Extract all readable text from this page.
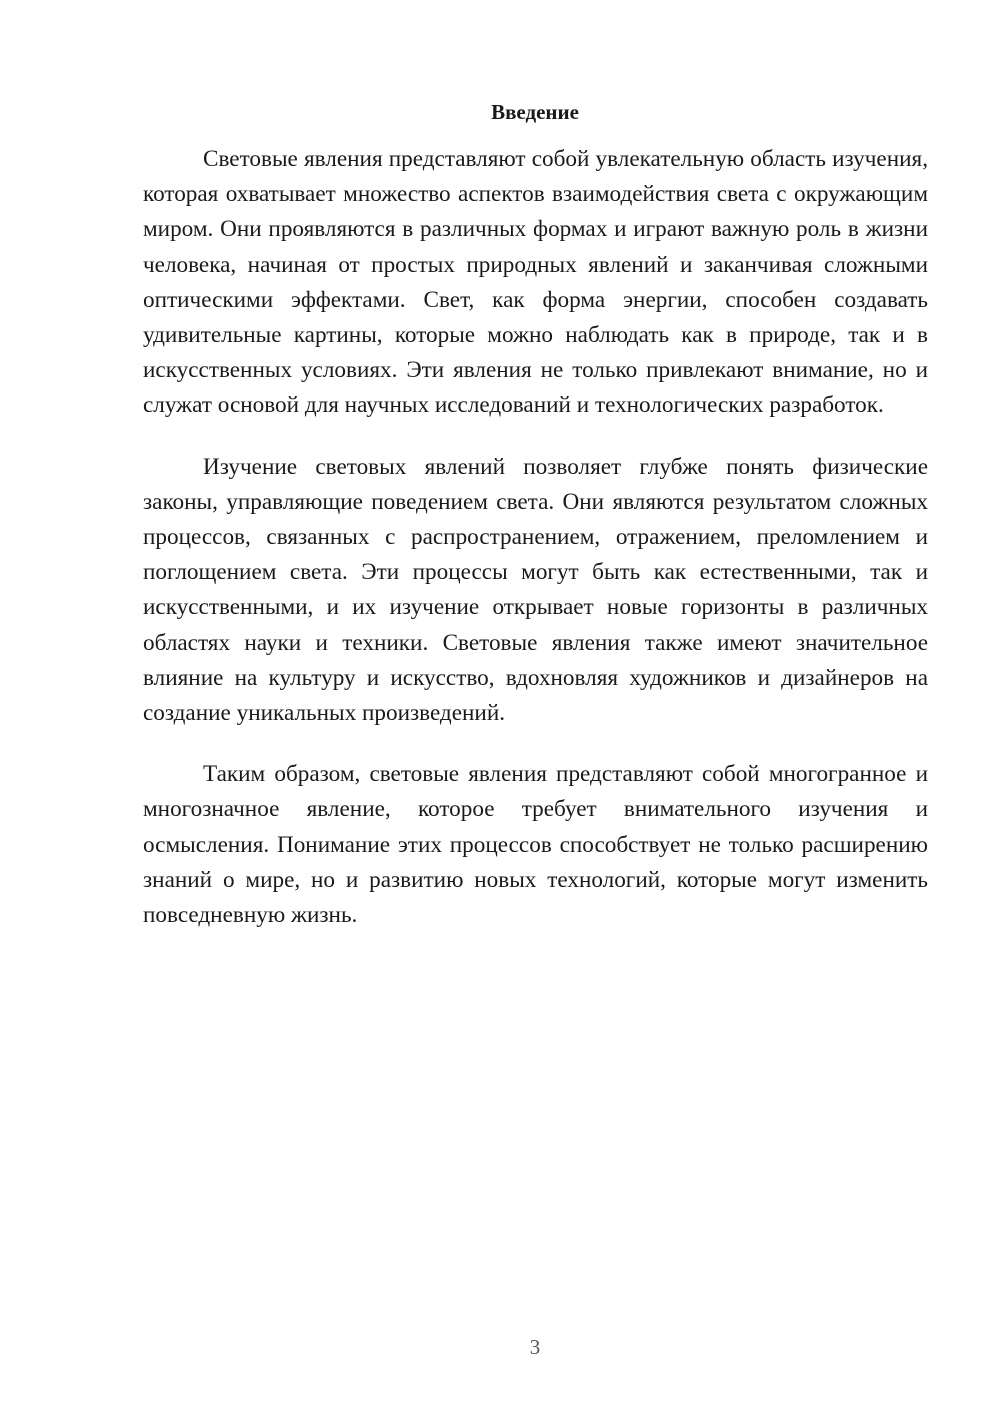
Введение

Световые явления представляют собой увлекательную область изучения, которая охватывает множество аспектов взаимодействия света с окружающим миром. Они проявляются в различных формах и играют важную роль в жизни человека, начиная от простых природных явлений и заканчивая сложными оптическими эффектами. Свет, как форма энергии, способен создавать удивительные картины, которые можно наблюдать как в природе, так и в искусственных условиях. Эти явления не только привлекают внимание, но и служат основой для научных исследований и технологических разработок.

Изучение световых явлений позволяет глубже понять физические законы, управляющие поведением света. Они являются результатом сложных процессов, связанных с распространением, отражением, преломлением и поглощением света. Эти процессы могут быть как естественными, так и искусственными, и их изучение открывает новые горизонты в различных областях науки и техники. Световые явления также имеют значительное влияние на культуру и искусство, вдохновляя художников и дизайнеров на создание уникальных произведений.

Таким образом, световые явления представляют собой многогранное и многозначное явление, которое требует внимательного изучения и осмысления. Понимание этих процессов способствует не только расширению знаний о мире, но и развитию новых технологий, которые могут изменить повседневную жизнь.

3
